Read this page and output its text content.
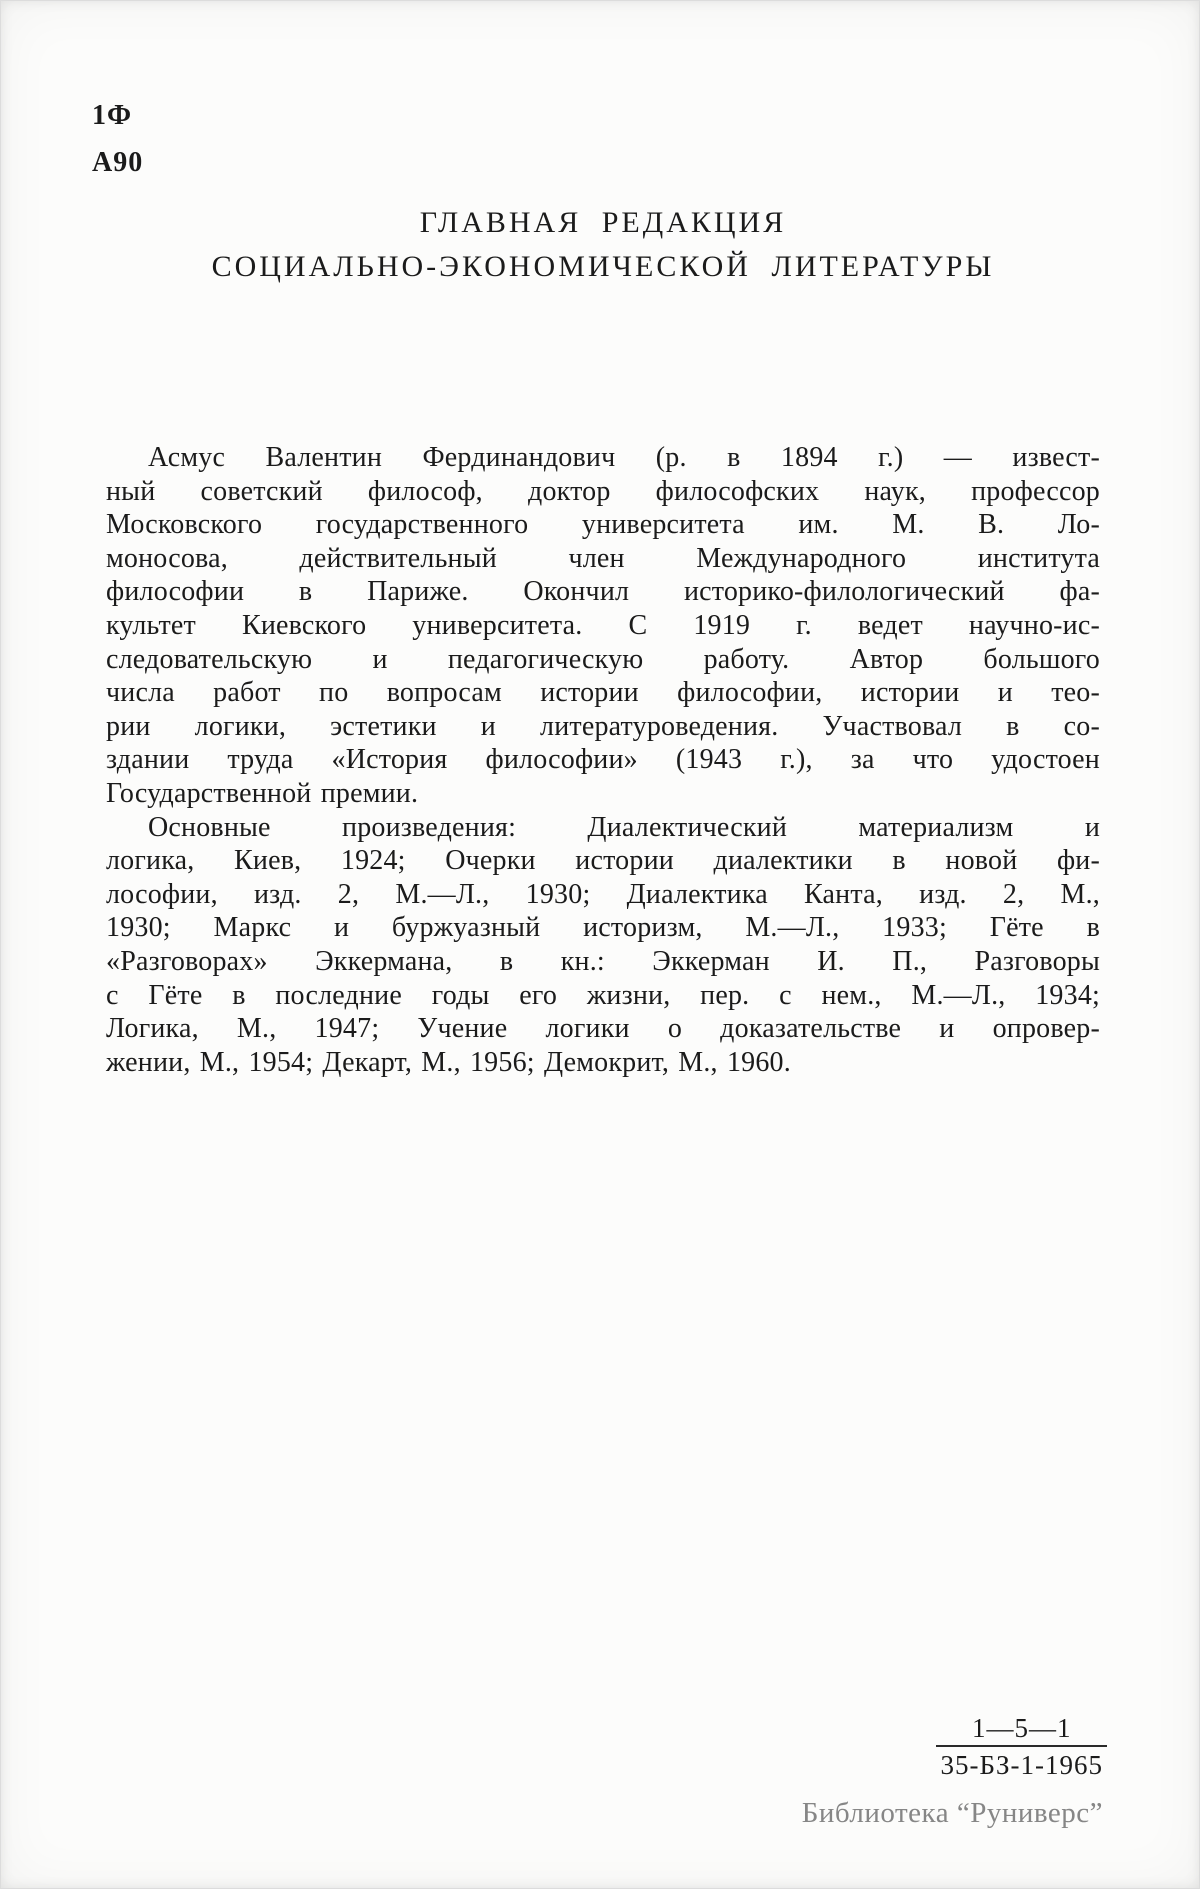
1Ф
А90
ГЛАВНАЯ РЕДАКЦИЯ
СОЦИАЛЬНО-ЭКОНОМИЧЕСКОЙ ЛИТЕРАТУРЫ
Асмус Валентин Фердинандович (р. в 1894 г.) — извест-
ный советский философ, доктор философских наук, профессор
Московского государственного университета им. М. В. Ло-
моносова, действительный член Международного института
философии в Париже. Окончил историко-филологический фа-
культет Киевского университета. С 1919 г. ведет научно-ис-
следовательскую и педагогическую работу. Автор большого
числа работ по вопросам истории философии, истории и тео-
рии логики, эстетики и литературоведения. Участвовал в со-
здании труда «История философии» (1943 г.), за что удостоен
Государственной премии.
Основные произведения: Диалектический материализм и
логика, Киев, 1924; Очерки истории диалектики в новой фи-
лософии, изд. 2, М.—Л., 1930; Диалектика Канта, изд. 2, М.,
1930; Маркс и буржуазный историзм, М.—Л., 1933; Гёте в
«Разговорах» Эккермана, в кн.: Эккерман И. П., Разговоры
с Гёте в последние годы его жизни, пер. с нем., М.—Л., 1934;
Логика, М., 1947; Учение логики о доказательстве и опровер-
жении, М., 1954; Декарт, М., 1956; Демокрит, М., 1960.
1—5—1
35-БЗ-1-1965
Библиотека “Руниверс”
